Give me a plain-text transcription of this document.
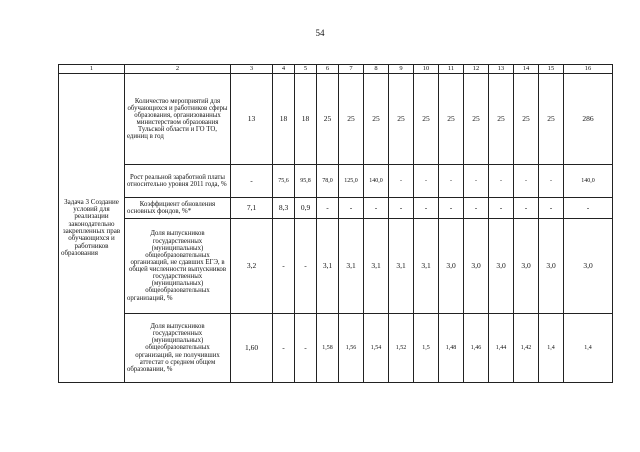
54
1	2	3	4	5	6	7	8	9	10	11	12	13	14	15	16
Задача 3 Создание условий для реализации законодательно закрепленных прав обучающихся и работников образования	Количество мероприятий для обучающихся и работников сферы образования, организованных министерством образования Тульской области и ГО ТО, единиц в год	13	18	18	25	25	25	25	25	25	25	25	25	25	286
	Рост реальной заработной платы относительно уровня 2011 года, %	-	75,6	95,8	78,0	125,0	140,0	-	-	-	-	-	-	-	140,0
	Коэффициент обновления основных фондов, %*	7,1	8,3	0,9	-	-	-	-	-	-	-	-	-	-	-
	Доля выпускников государственных (муниципальных) общеобразовательных организаций, не сдавших ЕГЭ, в общей численности выпускников государственных (муниципальных) общеобразовательных организаций, %	3,2	-	-	3,1	3,1	3,1	3,1	3,1	3,0	3,0	3,0	3,0	3,0	3,0
	Доля выпускников государственных (муниципальных) общеобразовательных организаций, не получивших аттестат о среднем общем образовании, %	1,60	-	-	1,58	1,56	1,54	1,52	1,5	1,48	1,46	1,44	1,42	1,4	1,4
